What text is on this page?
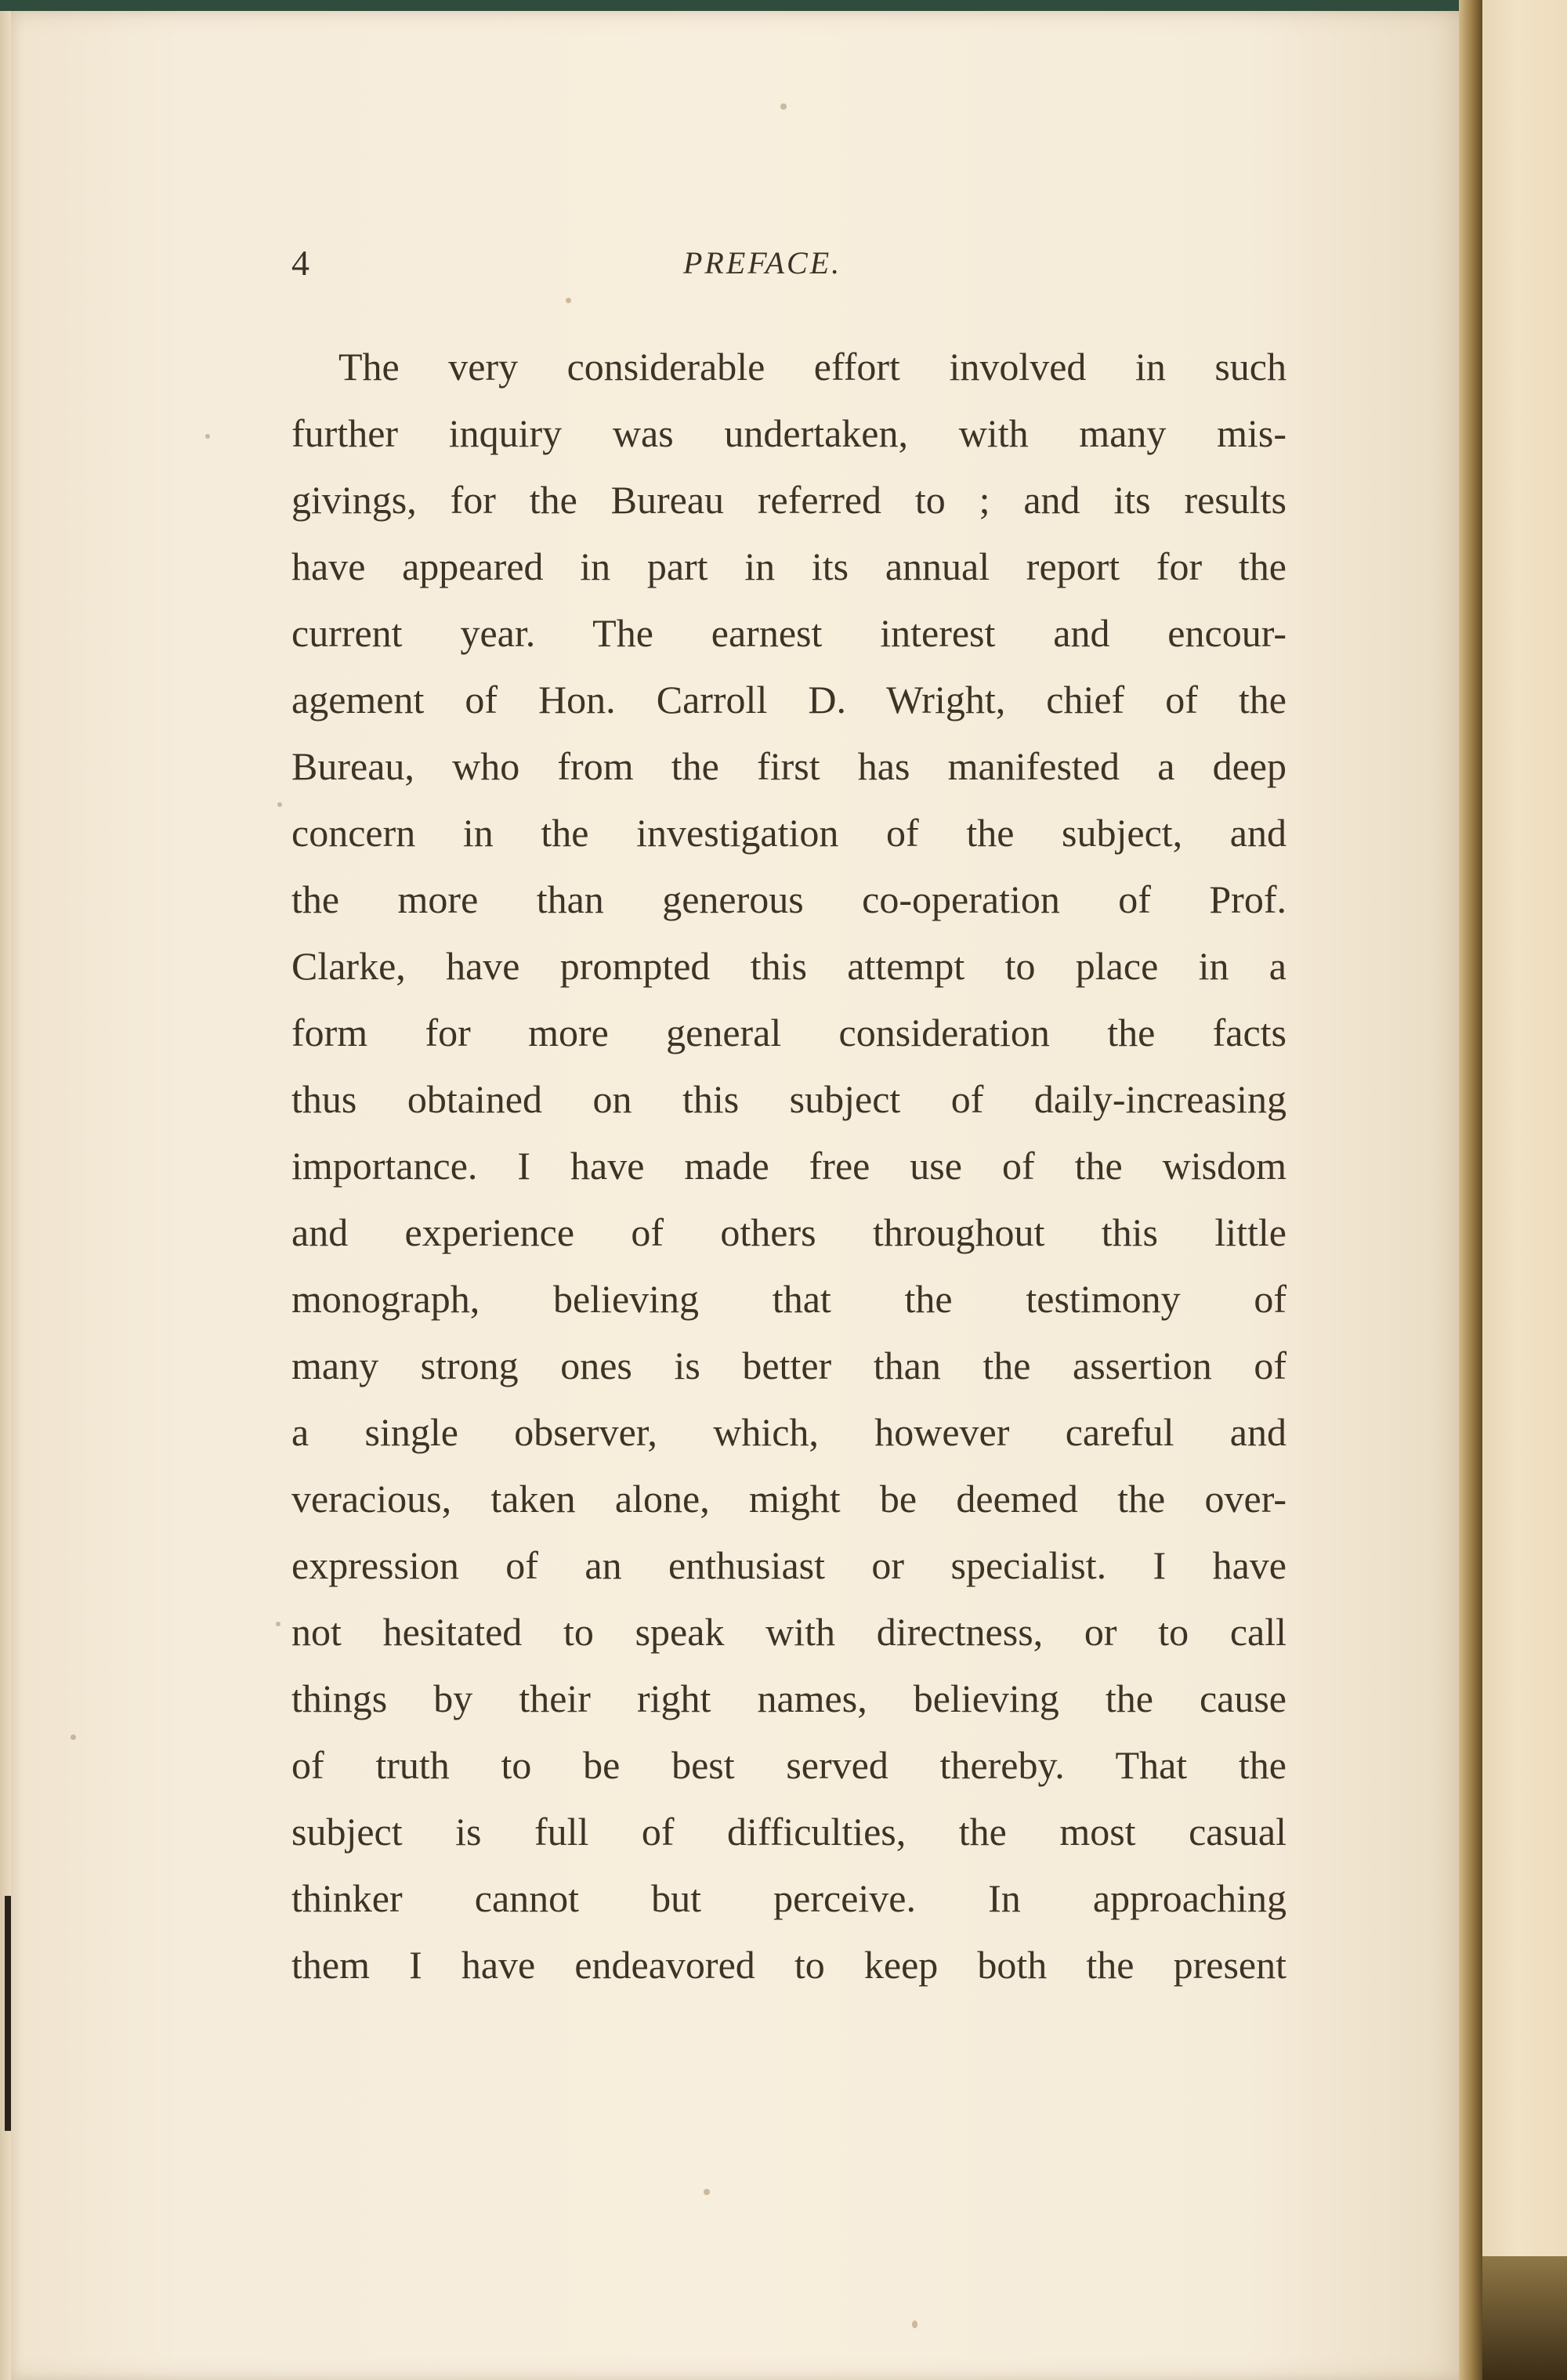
4	PREFACE.
The very considerable effort involved in such
further inquiry was undertaken, with many mis-
givings, for the Bureau referred to ; and its results
have appeared in part in its annual report for the
current year. The earnest interest and encour-
agement of Hon. Carroll D. Wright, chief of the
Bureau, who from the first has manifested a deep
concern in the investigation of the subject, and
the more than generous co-operation of Prof.
Clarke, have prompted this attempt to place in a
form for more general consideration the facts
thus obtained on this subject of daily-increasing
importance. I have made free use of the wisdom
and experience of others throughout this little
monograph, believing that the testimony of
many strong ones is better than the assertion of
a single observer, which, however careful and
veracious, taken alone, might be deemed the over-
expression of an enthusiast or specialist. I have
not hesitated to speak with directness, or to call
things by their right names, believing the cause
of truth to be best served thereby. That the
subject is full of difficulties, the most casual
thinker cannot but perceive. In approaching
them I have endeavored to keep both the present
